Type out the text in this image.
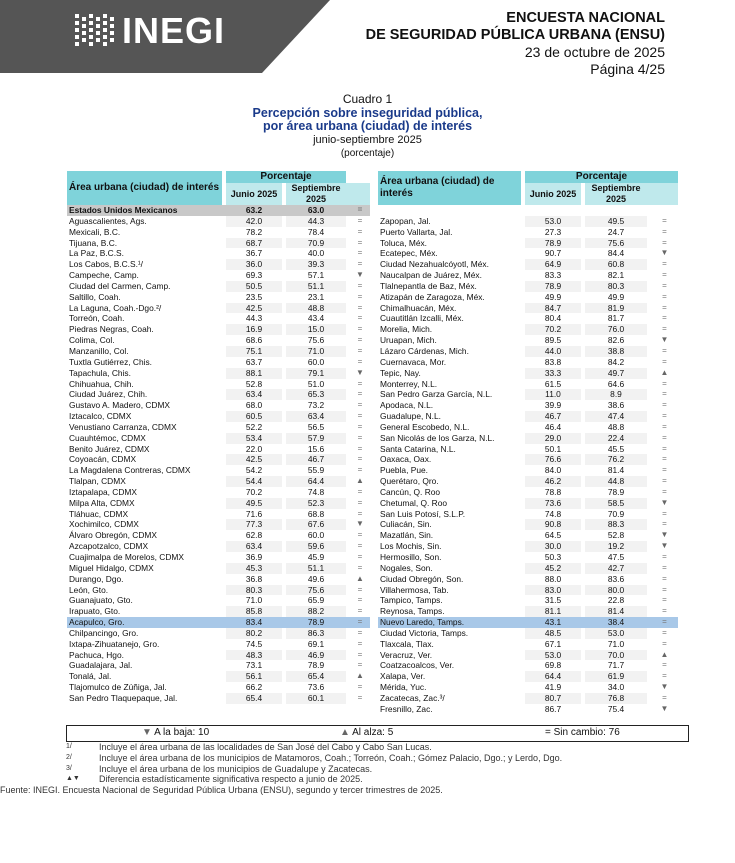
INEGI	ENCUESTA NACIONAL
DE SEGURIDAD PÚBLICA URBANA (ENSU)
23 de octubre de 2025
Página 4/25
Cuadro 1
Percepción sobre inseguridad pública,
por área urbana (ciudad) de interés
junio-septiembre 2025
(porcentaje)
Área urbana (ciudad) de interés		Porcentaje				
		Junio 2025		Septiembre 2025		
Estados Unidos Mexicanos		63.2		63.0		=
Aguascalientes, Ags.		42.0		44.3		=
Mexicali, B.C.		78.2		78.4		=
Tijuana, B.C.		68.7		70.9		=
La Paz, B.C.S.		36.7		40.0		=
Los Cabos, B.C.S.¹/		36.0		39.3		=
Campeche, Camp.		69.3		57.1		▼
Ciudad del Carmen, Camp.		50.5		51.1		=
Saltillo, Coah.		23.5		23.1		=
La Laguna, Coah.-Dgo.²/		42.5		48.8		=
Torreón, Coah.		44.3		43.4		=
Piedras Negras, Coah.		16.9		15.0		=
Colima, Col.		68.6		75.6		=
Manzanillo, Col.		75.1		71.0		=
Tuxtla Gutiérrez, Chis.		63.7		60.0		=
Tapachula, Chis.		88.1		79.1		▼
Chihuahua, Chih.		52.8		51.0		=
Ciudad Juárez, Chih.		63.4		65.3		=
Gustavo A. Madero, CDMX		68.0		73.2		=
Iztacalco, CDMX		60.5		63.4		=
Venustiano Carranza, CDMX		52.2		56.5		=
Cuauhtémoc, CDMX		53.4		57.9		=
Benito Juárez, CDMX		22.0		15.6		=
Coyoacán, CDMX		42.5		46.7		=
La Magdalena Contreras, CDMX		54.2		55.9		=
Tlalpan, CDMX		54.4		64.4		▲
Iztapalapa, CDMX		70.2		74.8		=
Milpa Alta, CDMX		49.5		52.3		=
Tláhuac, CDMX		71.6		68.8		=
Xochimilco, CDMX		77.3		67.6		▼
Álvaro Obregón, CDMX		62.8		60.0		=
Azcapotzalco, CDMX		63.4		59.6		=
Cuajimalpa de Morelos, CDMX		36.9		45.9		=
Miguel Hidalgo, CDMX		45.3		51.1		=
Durango, Dgo.		36.8		49.6		▲
León, Gto.		80.3		75.6		=
Guanajuato, Gto.		71.0		65.9		=
Irapuato, Gto.		85.8		88.2		=
Acapulco, Gro.		83.4		78.9		=
Chilpancingo, Gro.		80.2		86.3		=
Ixtapa-Zihuatanejo, Gro.		74.5		69.1		=
Pachuca, Hgo.		48.3		46.9		=
Guadalajara, Jal.		73.1		78.9		=
Tonalá, Jal.		56.1		65.4		▲
Tlajomulco de Zúñiga, Jal.		66.2		73.6		=
San Pedro Tlaquepaque, Jal.		65.4		60.1		=
Área urbana (ciudad) de interés		Porcentaje				
		Junio 2025		Septiembre 2025		

Zapopan, Jal.		53.0		49.5		=
Puerto Vallarta, Jal.		27.3		24.7		=
Toluca, Méx.		78.9		75.6		=
Ecatepec, Méx.		90.7		84.4		▼
Ciudad Nezahualcóyotl, Méx.		64.9		60.8		=
Naucalpan de Juárez, Méx.		83.3		82.1		=
Tlalnepantla de Baz, Méx.		78.9		80.3		=
Atizapán de Zaragoza, Méx.		49.9		49.9		=
Chimalhuacán, Méx.		84.7		81.9		=
Cuautitlán Izcalli, Méx.		80.4		81.7		=
Morelia, Mich.		70.2		76.0		=
Uruapan, Mich.		89.5		82.6		▼
Lázaro Cárdenas, Mich.		44.0		38.8		=
Cuernavaca, Mor.		83.8		84.2		=
Tepic, Nay.		33.3		49.7		▲
Monterrey, N.L.		61.5		64.6		=
San Pedro Garza García, N.L.		11.0		8.9		=
Apodaca, N.L.		39.9		38.6		=
Guadalupe, N.L.		46.7		47.4		=
General Escobedo, N.L.		46.4		48.8		=
San Nicolás de los Garza, N.L.		29.0		22.4		=
Santa Catarina, N.L.		50.1		45.5		=
Oaxaca, Oax.		76.6		76.2		=
Puebla, Pue.		84.0		81.4		=
Querétaro, Qro.		46.2		44.8		=
Cancún, Q. Roo		78.8		78.9		=
Chetumal, Q. Roo		73.6		58.5		▼
San Luis Potosí, S.L.P.		74.8		70.9		=
Culiacán, Sin.		90.8		88.3		=
Mazatlán, Sin.		64.5		52.8		▼
Los Mochis, Sin.		30.0		19.2		▼
Hermosillo, Son.		50.3		47.5		=
Nogales, Son.		45.2		42.7		=
Ciudad Obregón, Son.		88.0		83.6		=
Villahermosa, Tab.		83.0		80.0		=
Tampico, Tamps.		31.5		22.8		=
Reynosa, Tamps.		81.1		81.4		=
Nuevo Laredo, Tamps.		43.1		38.4		=
Ciudad Victoria, Tamps.		48.5		53.0		=
Tlaxcala, Tlax.		67.1		71.0		=
Veracruz, Ver.		53.0		70.0		▲
Coatzacoalcos, Ver.		69.8		71.7		=
Xalapa, Ver.		64.4		61.9		=
Mérida, Yuc.		41.9		34.0		▼
Zacatecas, Zac.³/		80.7		76.8		=
Fresnillo, Zac.		86.7		75.4		▼
▼ A la baja: 10	▲ Al alza: 5	= Sin cambio: 76
1/	Incluye el área urbana de las localidades de San José del Cabo y Cabo San Lucas.
2/	Incluye el área urbana de los municipios de Matamoros, Coah.; Torreón, Coah.; Gómez Palacio, Dgo.; y Lerdo, Dgo.
3/	Incluye el área urbana de los municipios de Guadalupe y Zacatecas.
▲▼	Diferencia estadísticamente significativa respecto a junio de 2025.
Fuente: INEGI. Encuesta Nacional de Seguridad Pública Urbana (ENSU), segundo y tercer trimestres de 2025.
